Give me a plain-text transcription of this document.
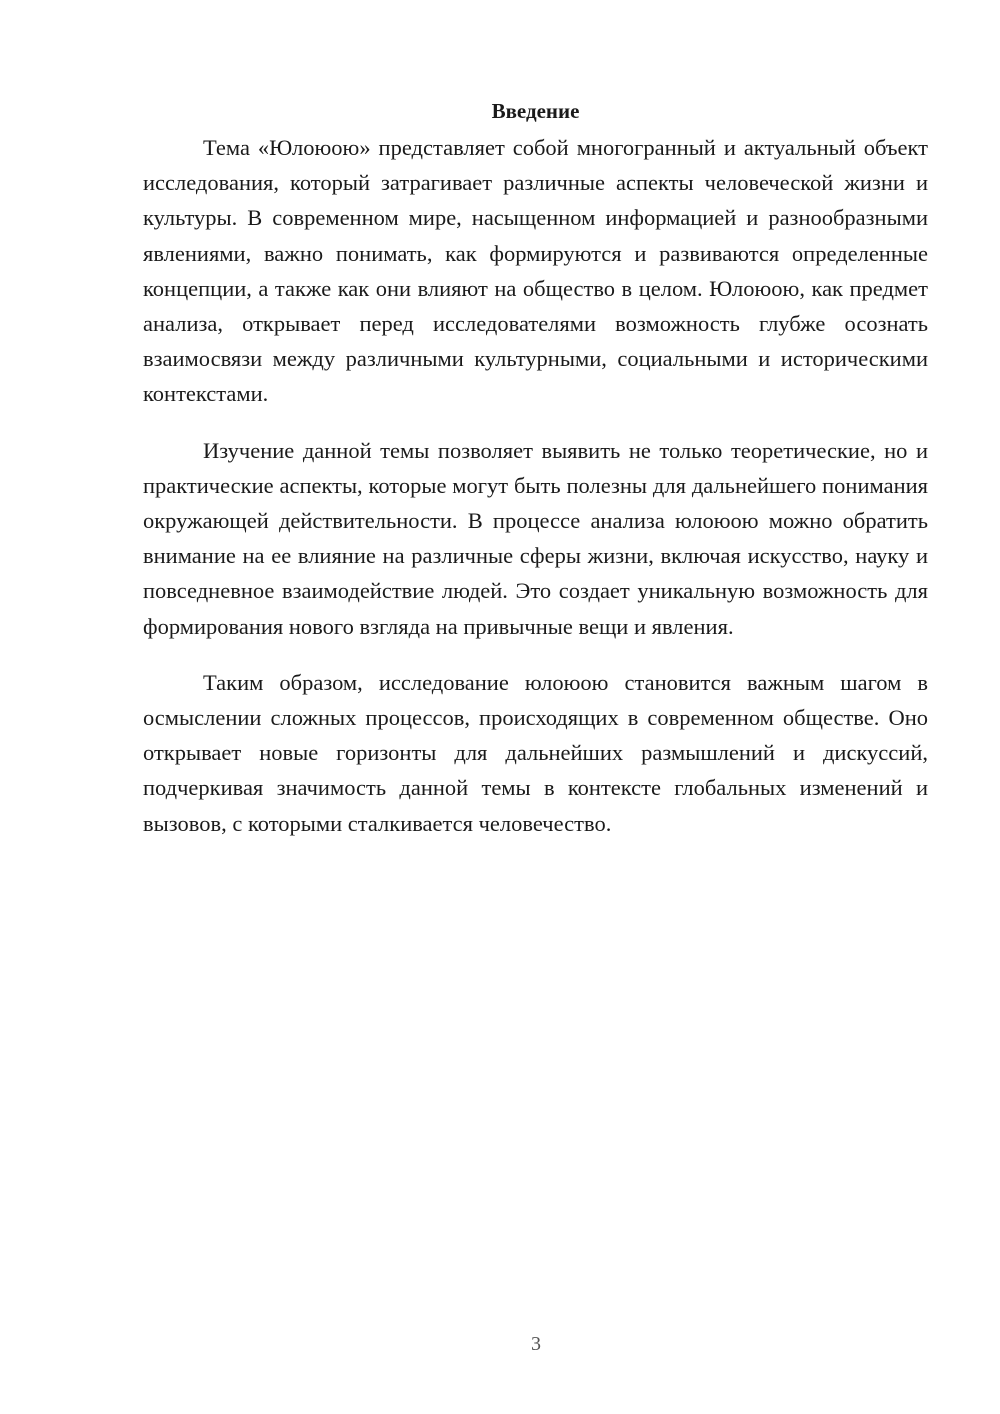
Введение

Тема «Юлоюою» представляет собой многогранный и актуальный объект исследования, который затрагивает различные аспекты человеческой жизни и культуры. В современном мире, насыщенном информацией и разнообразными явлениями, важно понимать, как формируются и развиваются определенные концепции, а также как они влияют на общество в целом. Юлоюою, как предмет анализа, открывает перед исследователями возможность глубже осознать взаимосвязи между различными культурными, социальными и историческими контекстами.

Изучение данной темы позволяет выявить не только теоретические, но и практические аспекты, которые могут быть полезны для дальнейшего понимания окружающей действительности. В процессе анализа юлоюою можно обратить внимание на ее влияние на различные сферы жизни, включая искусство, науку и повседневное взаимодействие людей. Это создает уникальную возможность для формирования нового взгляда на привычные вещи и явления.

Таким образом, исследование юлоюою становится важным шагом в осмыслении сложных процессов, происходящих в современном обществе. Оно открывает новые горизонты для дальнейших размышлений и дискуссий, подчеркивая значимость данной темы в контексте глобальных изменений и вызовов, с которыми сталкивается человечество.

3
